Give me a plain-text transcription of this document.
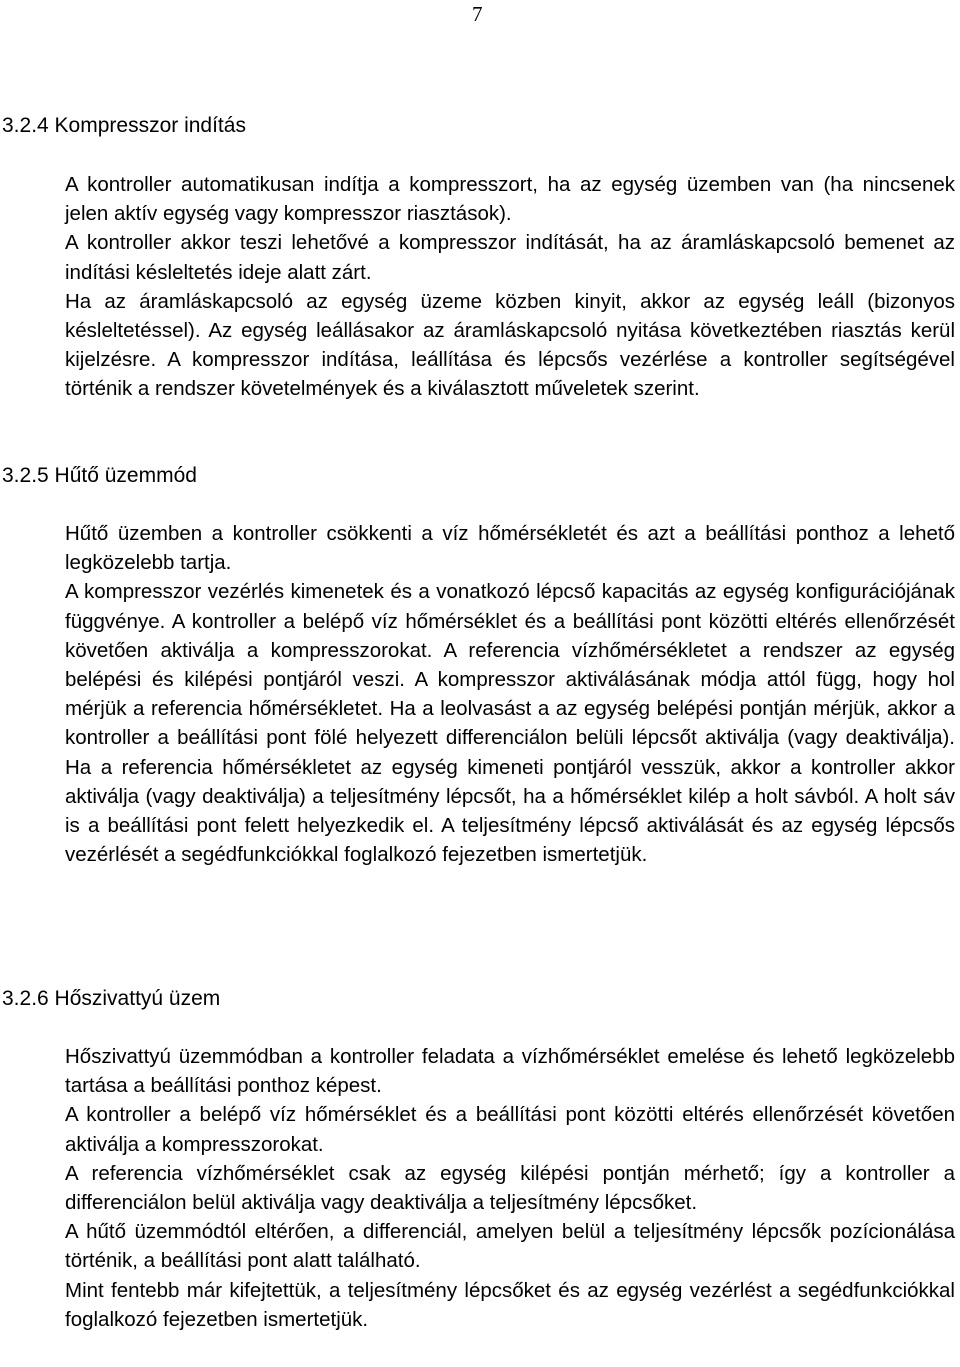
7
3.2.4 Kompresszor indítás

A kontroller automatikusan indítja a kompresszort, ha az egység üzemben van (ha nincsenek jelen aktív egység vagy kompresszor riasztások).

A kontroller akkor teszi lehetővé a kompresszor indítását, ha az áramláskapcsoló bemenet az indítási késleltetés ideje alatt zárt.

Ha az áramláskapcsoló az egység üzeme közben kinyit, akkor az egység leáll (bizonyos késleltetéssel). Az egység leállásakor az áramláskapcsoló nyitása következtében riasztás kerül kijelzésre. A kompresszor indítása, leállítása és lépcsős vezérlése a kontroller segítségével történik a rendszer követelmények és a kiválasztott műveletek szerint.

3.2.5 Hűtő üzemmód

Hűtő üzemben a kontroller csökkenti a víz hőmérsékletét és azt a beállítási ponthoz a lehető legközelebb tartja.

A kompresszor vezérlés kimenetek és a vonatkozó lépcső kapacitás az egység konfigurációjának függvénye. A kontroller a belépő víz hőmérséklet és a beállítási pont közötti eltérés ellenőrzését követően aktiválja a kompresszorokat. A referencia vízhőmérsékletet a rendszer az egység belépési és kilépési pontjáról veszi. A kompresszor aktiválásának módja attól függ, hogy hol mérjük a referencia hőmérsékletet. Ha a leolvasást a az egység belépési pontján mérjük, akkor a kontroller a beállítási pont fölé helyezett differenciálon belüli lépcsőt aktiválja (vagy deaktiválja). Ha a referencia hőmérsékletet az egység kimeneti pontjáról vesszük, akkor a kontroller akkor aktiválja (vagy deaktiválja) a teljesítmény lépcsőt, ha a hőmérséklet kilép a holt sávból. A holt sáv is a beállítási pont felett helyezkedik el. A teljesítmény lépcső aktiválását és az egység lépcsős vezérlését a segédfunkciókkal foglalkozó fejezetben ismertetjük.

3.2.6 Hőszivattyú üzem

Hőszivattyú üzemmódban a kontroller feladata a vízhőmérséklet emelése és lehető legközelebb tartása a beállítási ponthoz képest.

A kontroller a belépő víz hőmérséklet és a beállítási pont közötti eltérés ellenőrzését követően aktiválja a kompresszorokat.

A referencia vízhőmérséklet csak az egység kilépési pontján mérhető; így a kontroller a differenciálon belül aktiválja vagy deaktiválja a teljesítmény lépcsőket.

A hűtő üzemmódtól eltérően, a differenciál, amelyen belül a teljesítmény lépcsők pozícionálása történik, a beállítási pont alatt található.

Mint fentebb már kifejtettük, a teljesítmény lépcsőket és az egység vezérlést a segédfunkciókkal foglalkozó fejezetben ismertetjük.
